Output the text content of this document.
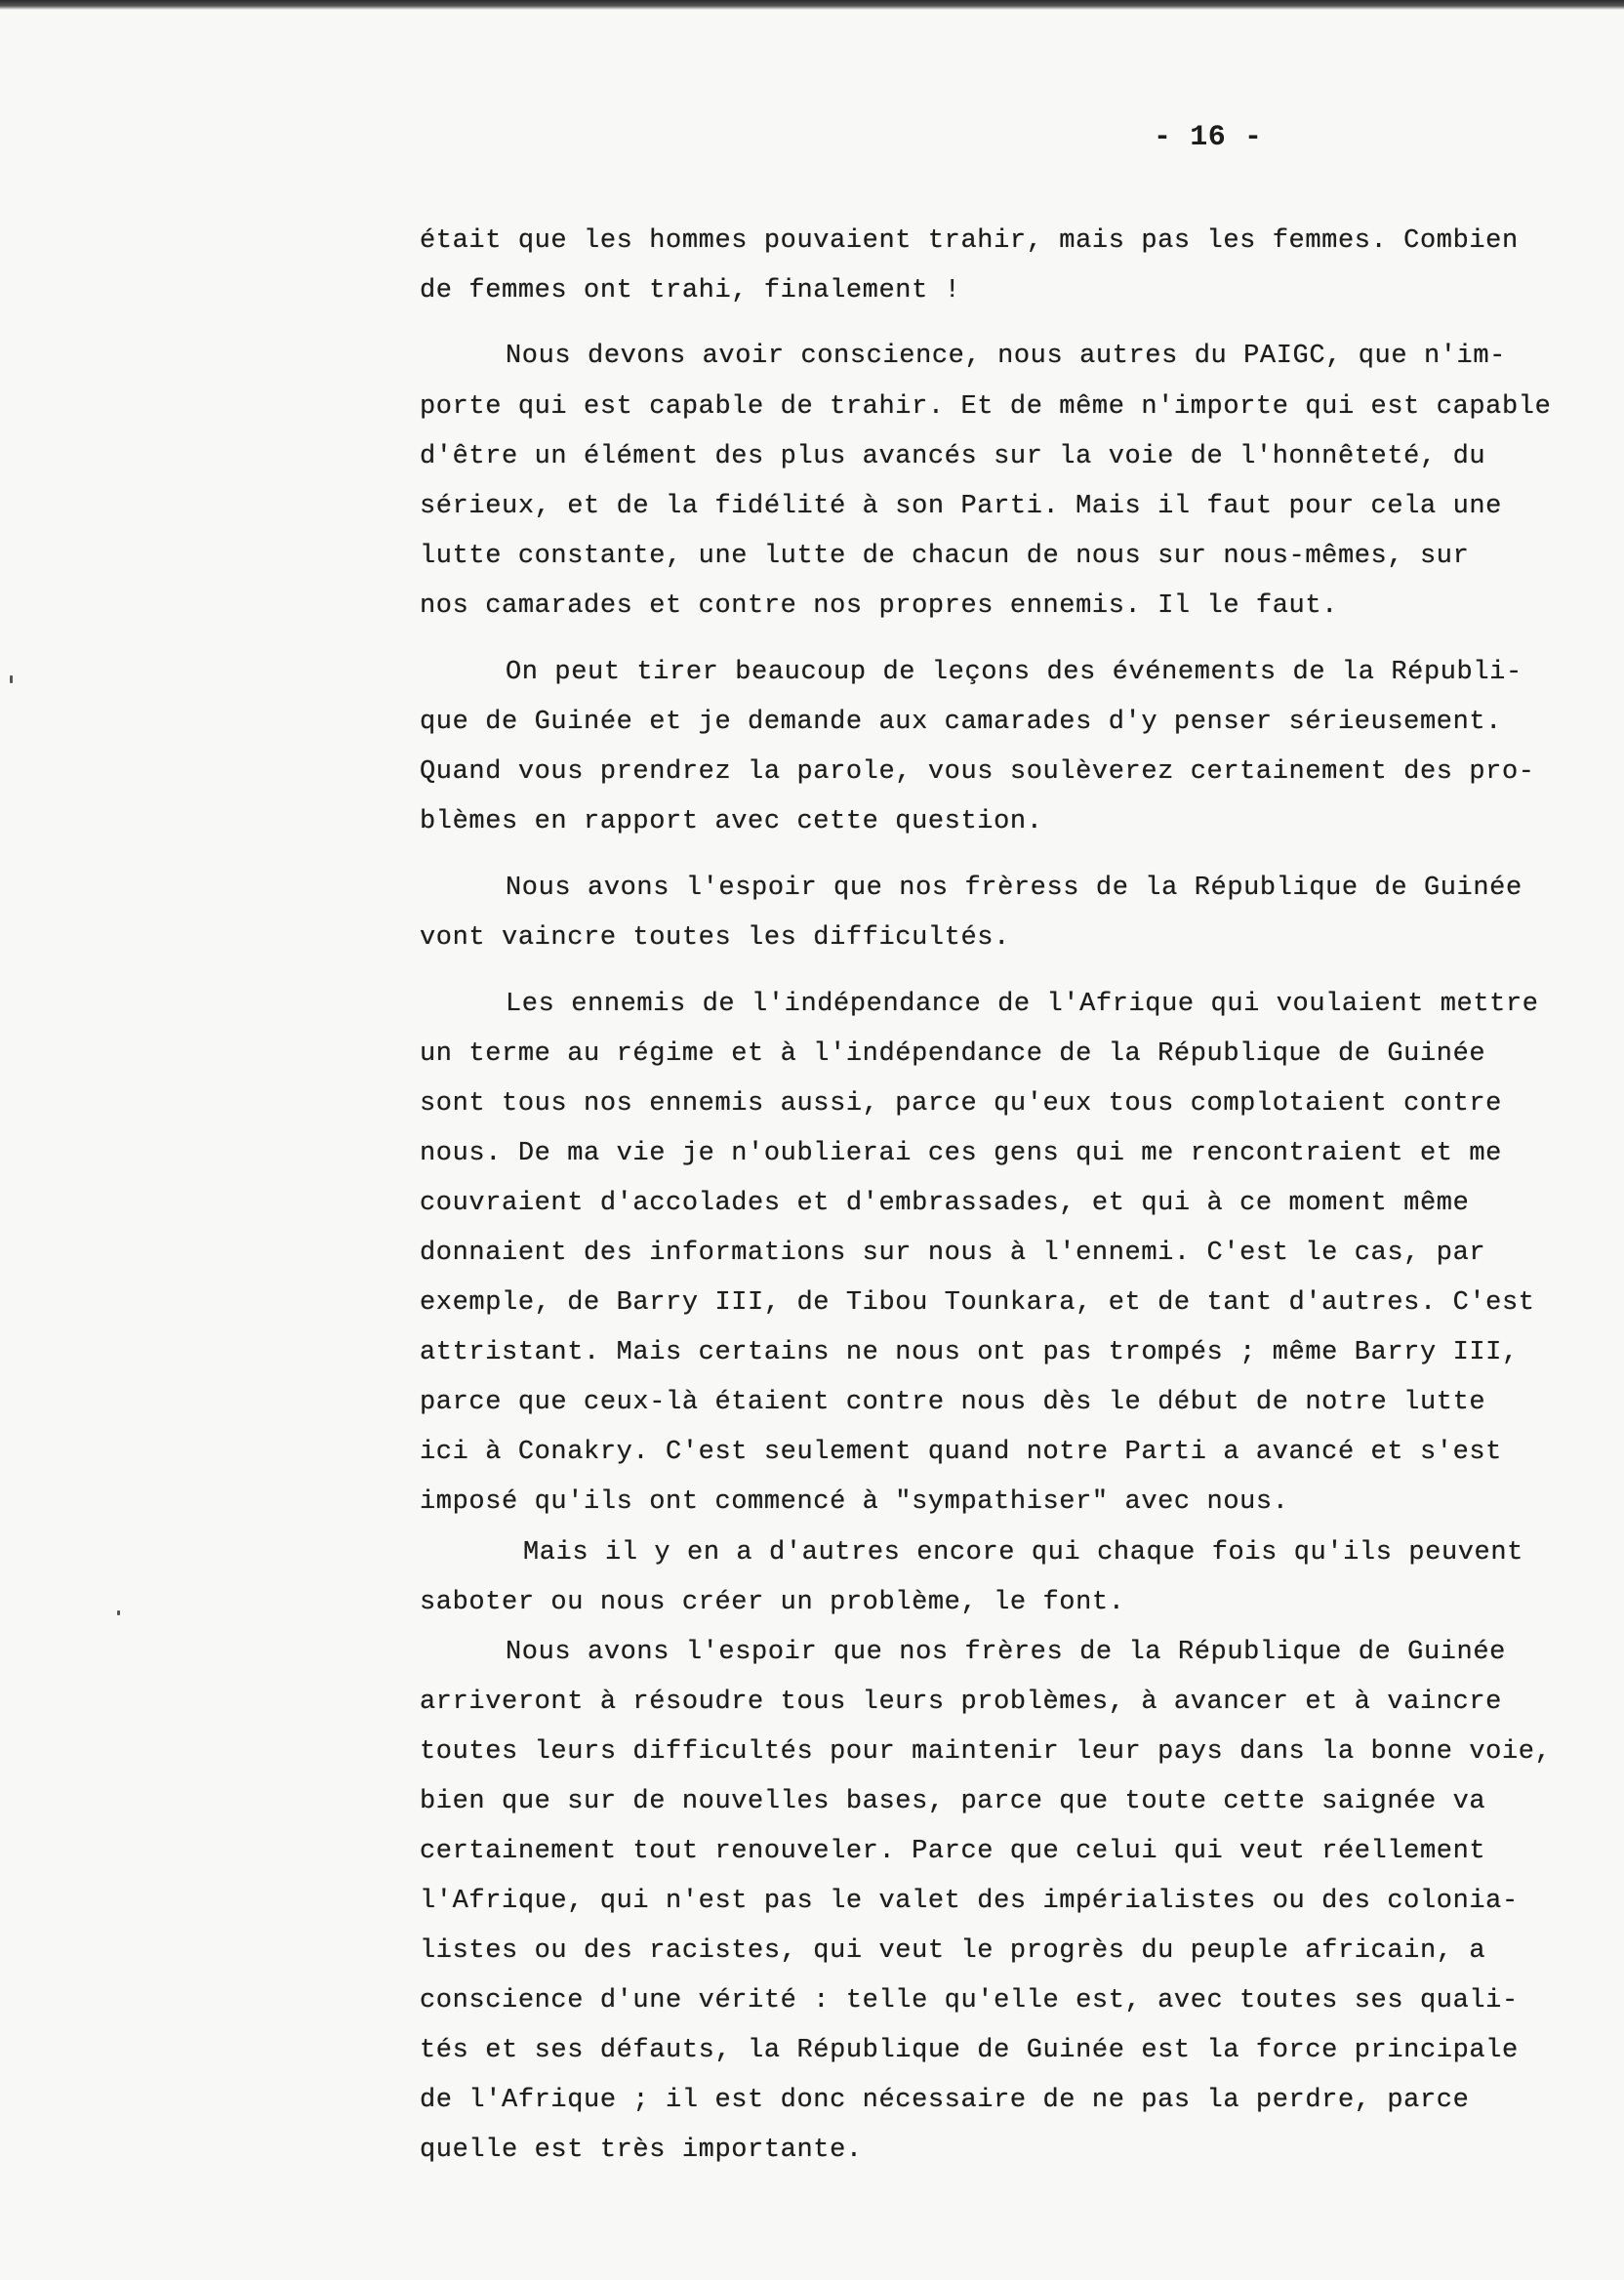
- 16 -
était que les hommes pouvaient trahir, mais pas les femmes. Combien
de femmes ont trahi, finalement !
Nous devons avoir conscience, nous autres du PAIGC, que n'im-
porte qui est capable de trahir. Et de même n'importe qui est capable
d'être un élément des plus avancés sur la voie de l'honnêteté, du
sérieux, et de la fidélité à son Parti. Mais il faut pour cela une
lutte constante, une lutte de chacun de nous sur nous-mêmes, sur
nos camarades et contre nos propres ennemis. Il le faut.
On peut tirer beaucoup de leçons des événements de la Républi-
que de Guinée et je demande aux camarades d'y penser sérieusement.
Quand vous prendrez la parole, vous soulèverez certainement des pro-
blèmes en rapport avec cette question.
Nous avons l'espoir que nos frèress de la République de Guinée
vont vaincre toutes les difficultés.
Les ennemis de l'indépendance de l'Afrique qui voulaient mettre
un terme au régime et à l'indépendance de la République de Guinée
sont tous nos ennemis aussi, parce qu'eux tous complotaient contre
nous. De ma vie je n'oublierai ces gens qui me rencontraient et me
couvraient d'accolades et d'embrassades, et qui à ce moment même
donnaient des informations sur nous à l'ennemi. C'est le cas, par
exemple, de Barry III, de Tibou Tounkara, et de tant d'autres. C'est
attristant. Mais certains ne nous ont pas trompés ; même Barry III,
parce que ceux-là étaient contre nous dès le début de notre lutte
ici à Conakry. C'est seulement quand notre Parti a avancé et s'est
imposé qu'ils ont commencé à "sympathiser" avec nous.
Mais il y en a d'autres encore qui chaque fois qu'ils peuvent
saboter ou nous créer un problème, le font.
Nous avons l'espoir que nos frères de la République de Guinée
arriveront à résoudre tous leurs problèmes, à avancer et à vaincre
toutes leurs difficultés pour maintenir leur pays dans la bonne voie,
bien que sur de nouvelles bases, parce que toute cette saignée va
certainement tout renouveler. Parce que celui qui veut réellement
l'Afrique, qui n'est pas le valet des impérialistes ou des colonia-
listes ou des racistes, qui veut le progrès du peuple africain, a
conscience d'une vérité : telle qu'elle est, avec toutes ses quali-
tés et ses défauts, la République de Guinée est la force principale
de l'Afrique ; il est donc nécessaire de ne pas la perdre, parce
quelle est très importante.
